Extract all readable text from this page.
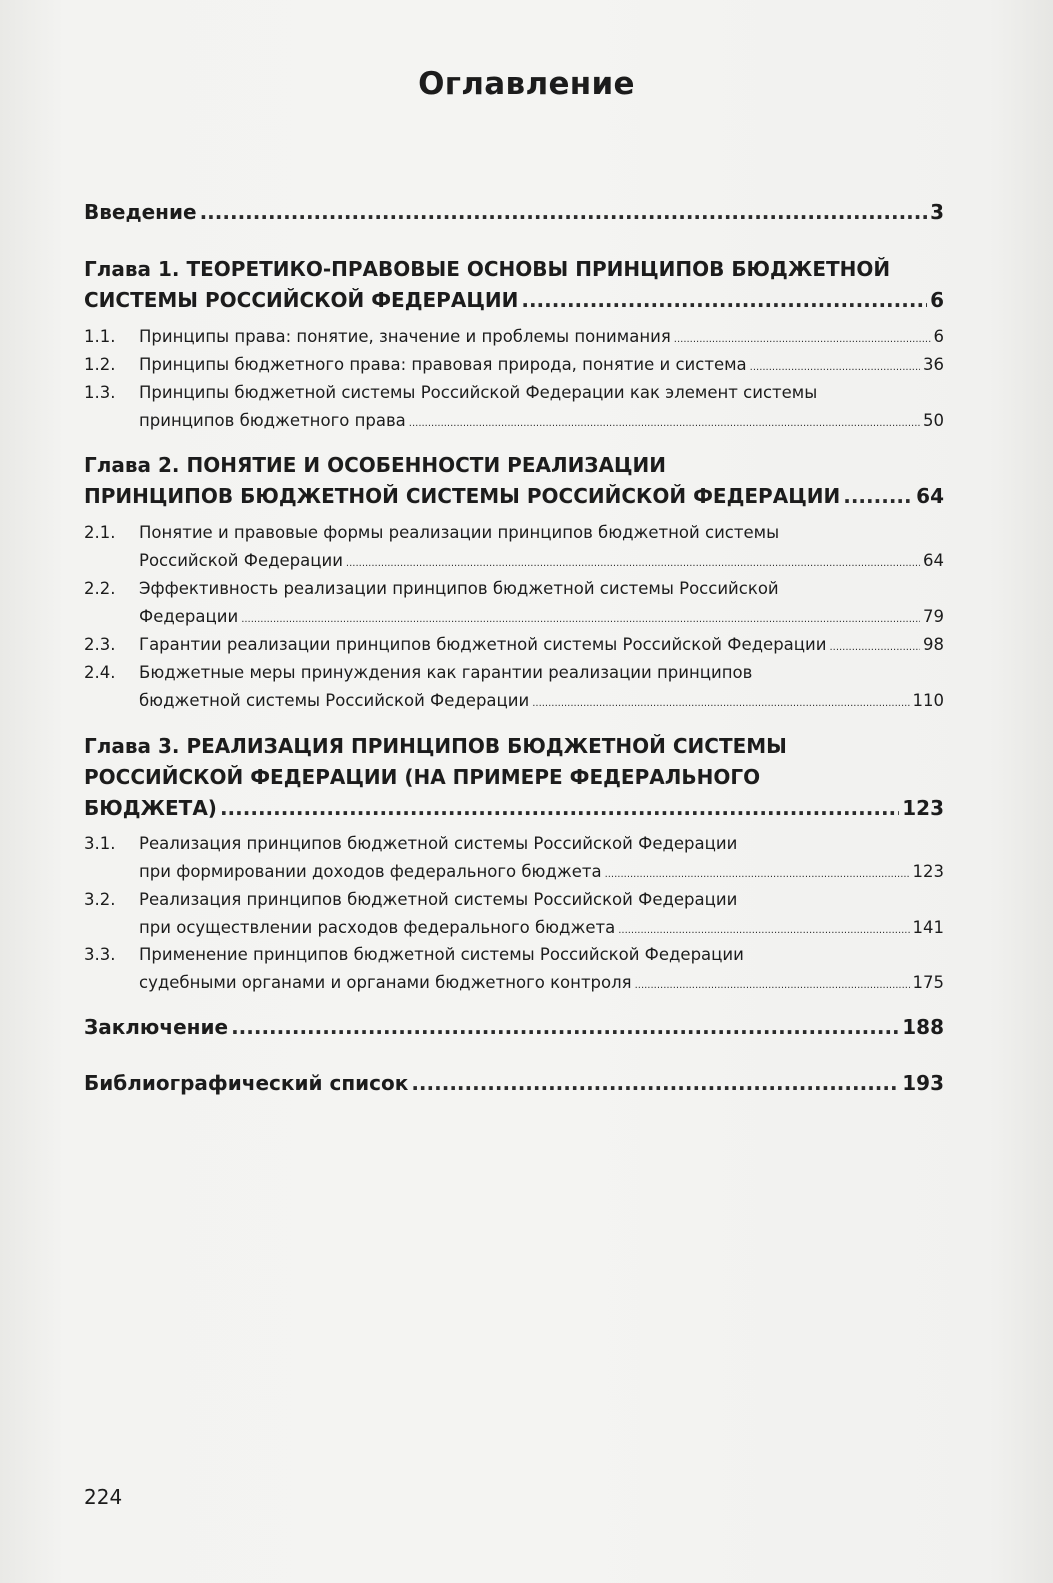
Оглавление
Введение .....	3
Глава 1. ТЕОРЕТИКО-ПРАВОВЫЕ ОСНОВЫ ПРИНЦИПОВ БЮДЖЕТНОЙ
СИСТЕМЫ РОССИЙСКОЙ ФЕДЕРАЦИИ .....	6
1.1.	Принципы права: понятие, значение и проблемы понимания .....	6
1.2.	Принципы бюджетного права: правовая природа, понятие и система .....	36
1.3.	Принципы бюджетной системы Российской Федерации как элемент системы
принципов бюджетного права .....	50
Глава 2. ПОНЯТИЕ И ОСОБЕННОСТИ РЕАЛИЗАЦИИ
ПРИНЦИПОВ БЮДЖЕТНОЙ СИСТЕМЫ РОССИЙСКОЙ ФЕДЕРАЦИИ .....	64
2.1.	Понятие и правовые формы реализации принципов бюджетной системы
Российской Федерации .....	64
2.2.	Эффективность реализации принципов бюджетной системы Российской
Федерации .....	79
2.3.	Гарантии реализации принципов бюджетной системы Российской Федерации .....	98
2.4.	Бюджетные меры принуждения как гарантии реализации принципов
бюджетной системы Российской Федерации .....	110
Глава 3. РЕАЛИЗАЦИЯ ПРИНЦИПОВ БЮДЖЕТНОЙ СИСТЕМЫ
РОССИЙСКОЙ ФЕДЕРАЦИИ (НА ПРИМЕРЕ ФЕДЕРАЛЬНОГО
БЮДЖЕТА) .....	123
3.1.	Реализация принципов бюджетной системы Российской Федерации
при формировании доходов федерального бюджета .....	123
3.2.	Реализация принципов бюджетной системы Российской Федерации
при осуществлении расходов федерального бюджета .....	141
3.3.	Применение принципов бюджетной системы Российской Федерации
судебными органами и органами бюджетного контроля .....	175
Заключение .....	188
Библиографический список .....	193
224
